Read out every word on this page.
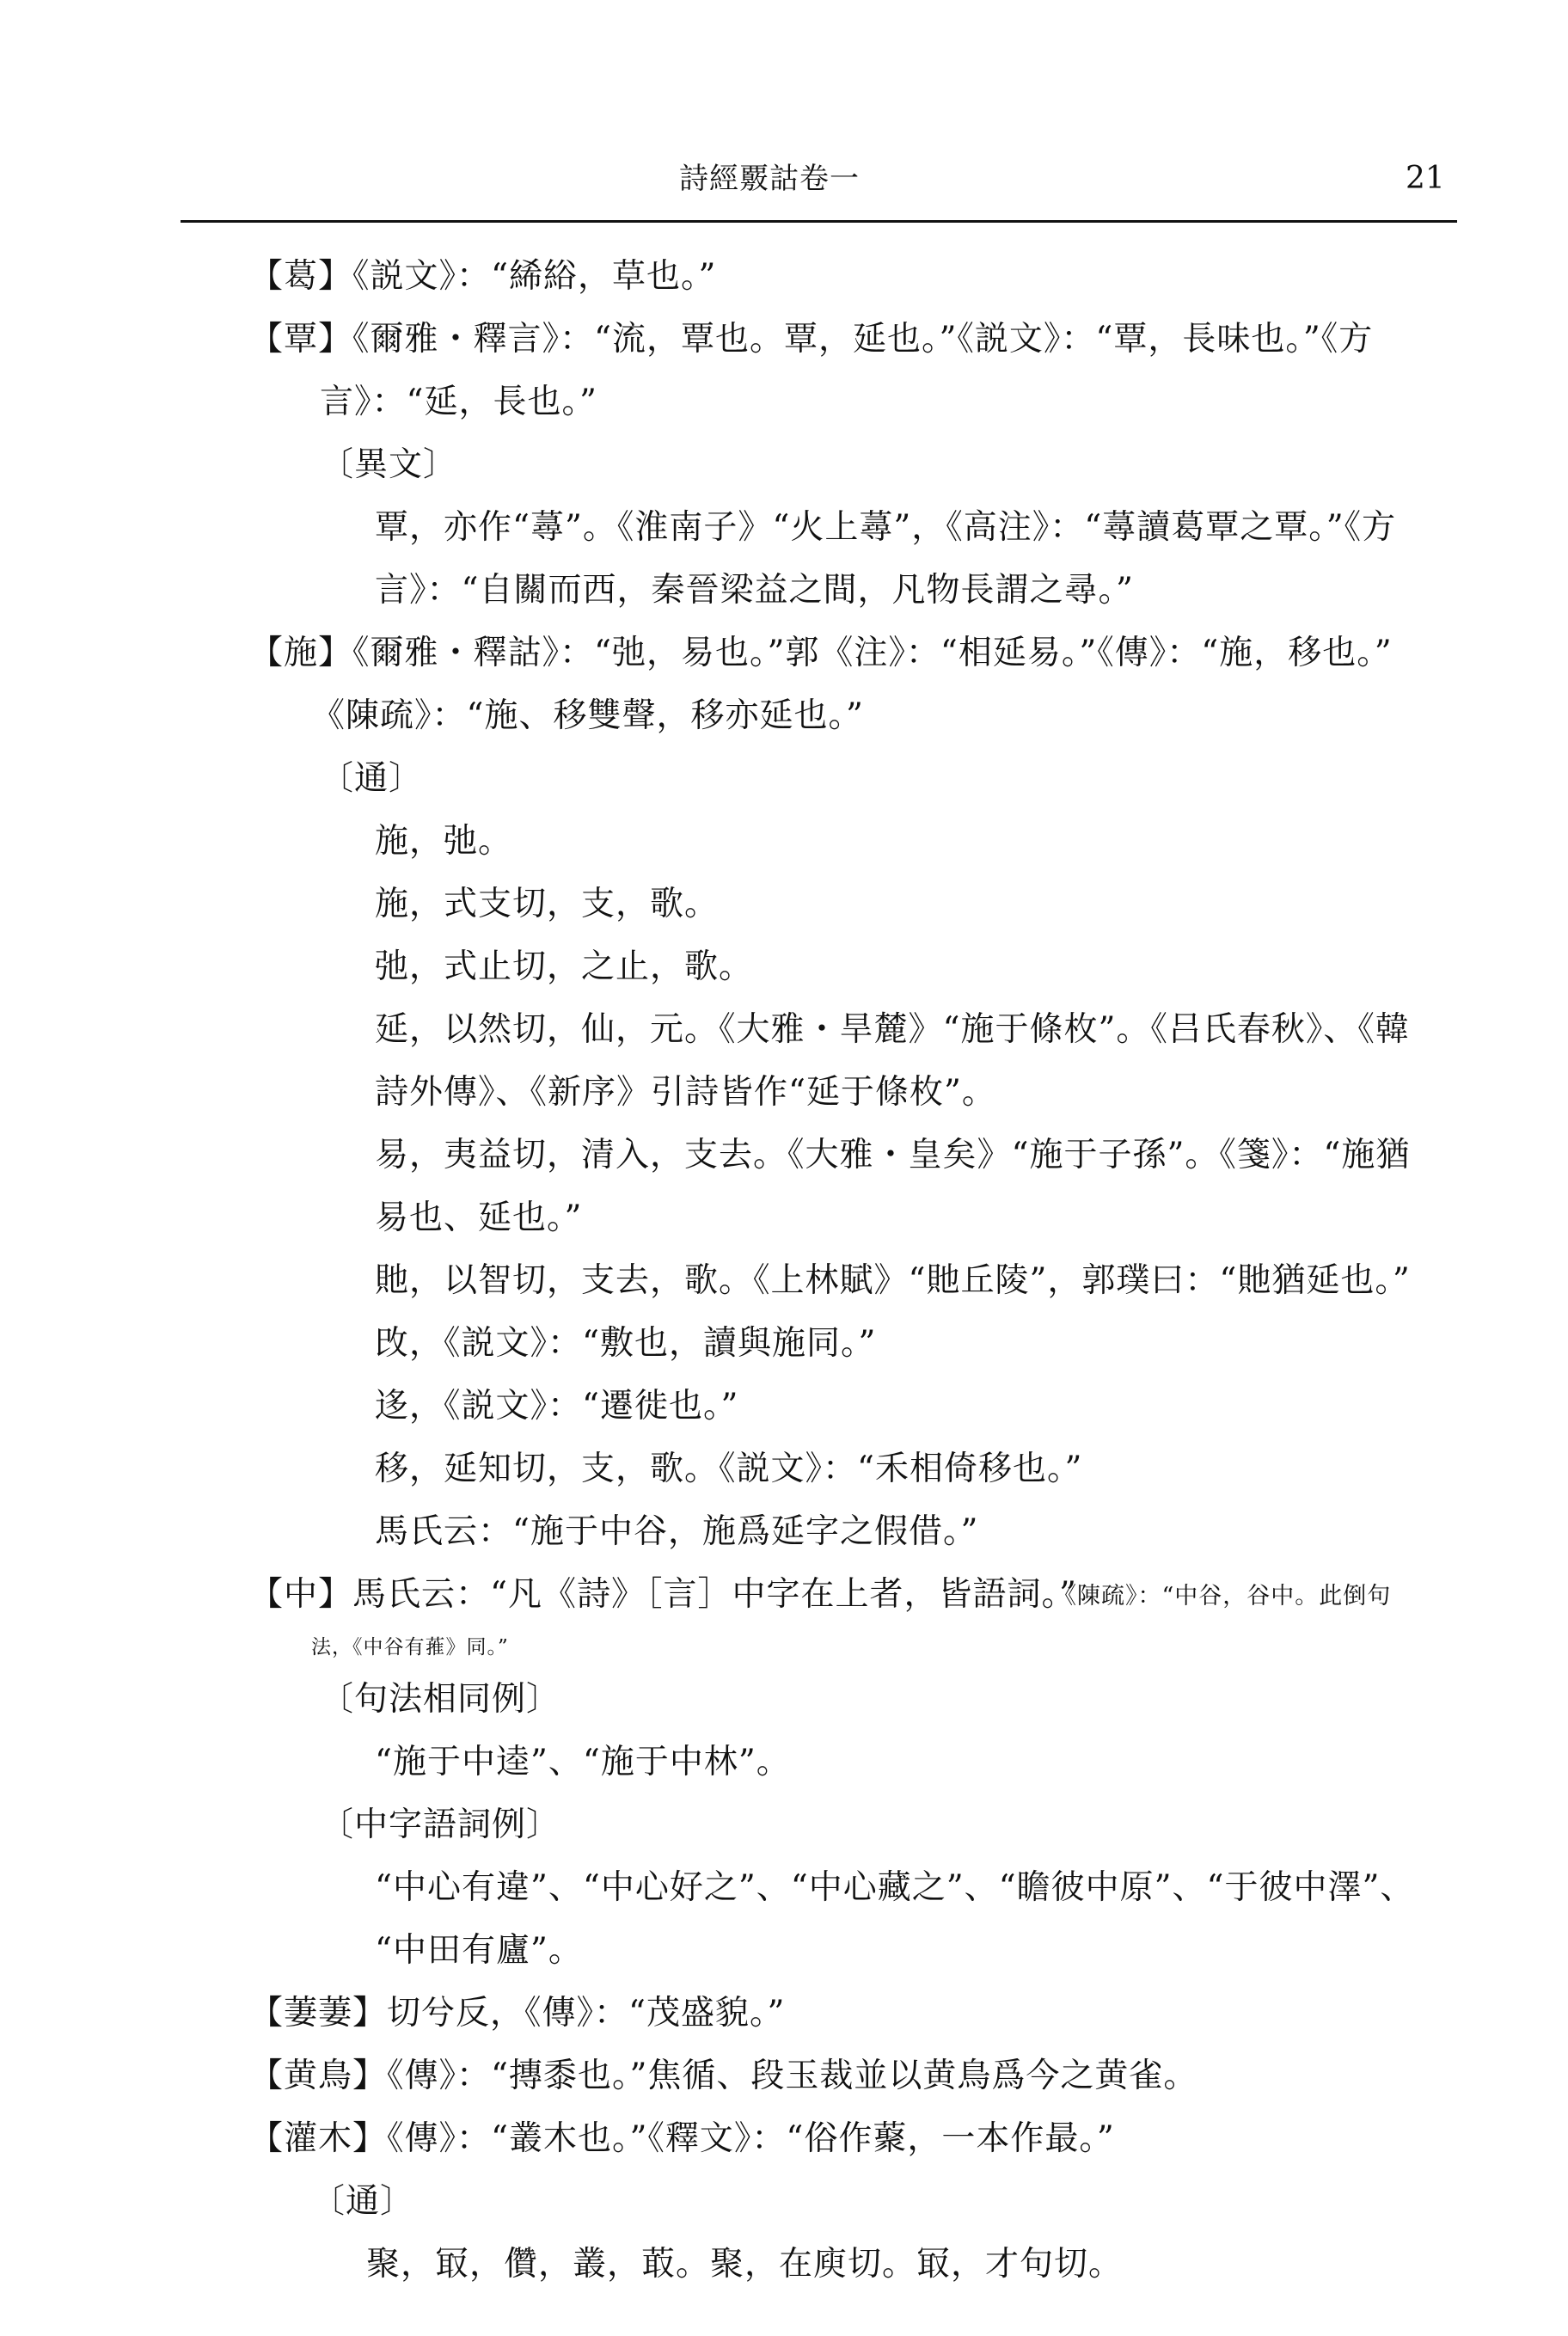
詩經覈詁卷一	21
【葛】《説文》：“絺綌，草也。”
【覃】《爾雅・釋言》：“流，覃也。覃，延也。”《説文》：“覃，長味也。”《方
言》：“延，長也。”
〔異文〕
覃，亦作“蕁”。《淮南子》“火上蕁”，《高注》：“蕁讀葛覃之覃。”《方
言》：“自關而西，秦晉梁益之間，凡物長謂之尋。”
【施】《爾雅・釋詁》：“弛，易也。”郭《注》：“相延易。”《傳》：“施，移也。”
《陳疏》：“施、移雙聲，移亦延也。”
〔通〕
施，弛。
施，式支切，支，歌。
弛，式止切，之止，歌。
延，以然切，仙，元。《大雅・旱麓》“施于條枚”。《吕氏春秋》、《韓
詩外傳》、《新序》引詩皆作“延于條枚”。
易，夷益切，清入，支去。《大雅・皇矣》“施于子孫”。《箋》：“施猶
易也、延也。”
貤，以智切，支去，歌。《上林賦》“貤丘陵”，郭璞曰：“貤猶延也。”
攺，《説文》：“敷也，讀與施同。”
迻，《説文》：“遷徙也。”
移，延知切，支，歌。《説文》：“禾相倚移也。”
馬氏云：“施于中谷，施爲延字之假借。”
【中】馬氏云：“凡《詩》［言］中字在上者，皆語詞。”
《陳疏》：“中谷，谷中。此倒句
法，《中谷有蓷》同。”
〔句法相同例〕
“施于中逵”、“施于中林”。
〔中字語詞例〕
“中心有違”、“中心好之”、“中心藏之”、“瞻彼中原”、“于彼中澤”、
“中田有廬”。
【萋萋】切兮反，《傳》：“茂盛貌。”
【黄鳥】《傳》：“摶黍也。”焦循、段玉裁並以黄鳥爲今之黄雀。
【灌木】《傳》：“叢木也。”《釋文》：“俗作藂，一本作最。”
〔通〕
聚，冣，儹，叢，菆。聚，在庾切。冣，才句切。
